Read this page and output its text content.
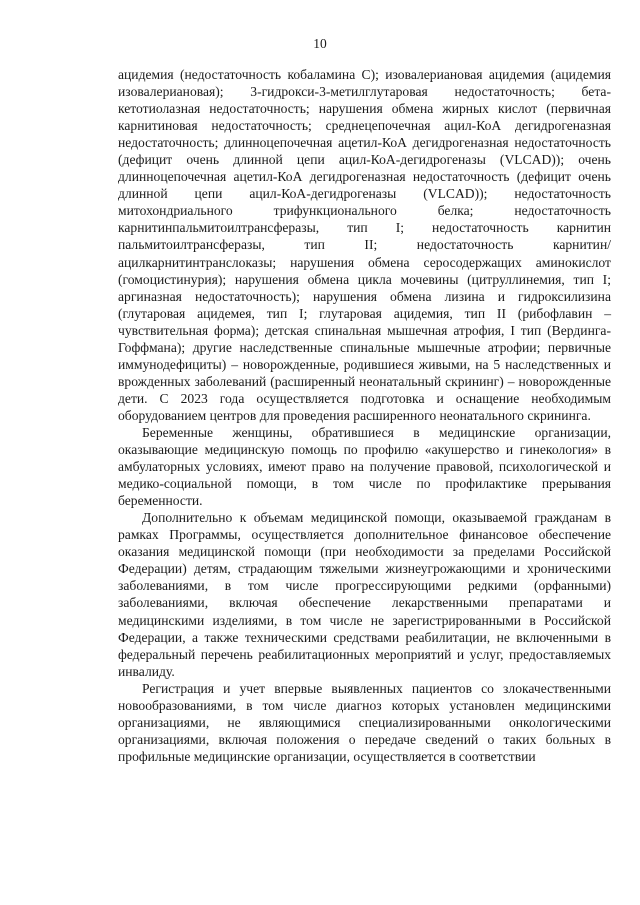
10

ацидемия (недостаточность кобаламина С); изовалериановая ацидемия (ацидемия изовалериановая); 3-гидрокси-3-метилглутаровая недостаточность; бета-кетотиолазная недостаточность; нарушения обмена жирных кислот (первичная карнитиновая недостаточность; среднецепочечная ацил-КоА дегидрогеназная недостаточность; длинноцепочечная ацетил-КоА дегидрогеназная недостаточность (дефицит очень длинной цепи ацил-КоА-дегидрогеназы (VLCAD)); очень длинноцепочечная ацетил-КоА дегидрогеназная недостаточность (дефицит очень длинной цепи ацил-КоА-дегидрогеназы (VLCAD)); недостаточность митохондриального трифункционального белка; недостаточность карнитинпальмитоилтрансферазы, тип I; недостаточность карнитин пальмитоилтрансферазы, тип II; недостаточность карнитин/ацилкарнитинтранслоказы; нарушения обмена серосодержащих аминокислот (гомоцистинурия); нарушения обмена цикла мочевины (цитруллинемия, тип I; аргиназная недостаточность); нарушения обмена лизина и гидроксилизина (глутаровая ацидемея, тип I; глутаровая ацидемия, тип II (рибофлавин – чувствительная форма); детская спинальная мышечная атрофия, I тип (Вердинга-Гоффмана); другие наследственные спинальные мышечные атрофии; первичные иммунодефициты) – новорожденные, родившиеся живыми, на 5 наследственных и врожденных заболеваний (расширенный неонатальный скрининг) – новорожденные дети. С 2023 года осуществляется подготовка и оснащение необходимым оборудованием центров для проведения расширенного неонатального скрининга.

Беременные женщины, обратившиеся в медицинские организации, оказывающие медицинскую помощь по профилю «акушерство и гинекология» в амбулаторных условиях, имеют право на получение правовой, психологической и медико-социальной помощи, в том числе по профилактике прерывания беременности.

Дополнительно к объемам медицинской помощи, оказываемой гражданам в рамках Программы, осуществляется дополнительное финансовое обеспечение оказания медицинской помощи (при необходимости за пределами Российской Федерации) детям, страдающим тяжелыми жизнеугрожающими и хроническими заболеваниями, в том числе прогрессирующими редкими (орфанными) заболеваниями, включая обеспечение лекарственными препаратами и медицинскими изделиями, в том числе не зарегистрированными в Российской Федерации, а также техническими средствами реабилитации, не включенными в федеральный перечень реабилитационных мероприятий и услуг, предоставляемых инвалиду.

Регистрация и учет впервые выявленных пациентов со злокачественными новообразованиями, в том числе диагноз которых установлен медицинскими организациями, не являющимися специализированными онкологическими организациями, включая положения о передаче сведений о таких больных в профильные медицинские организации, осуществляется в соответствии
